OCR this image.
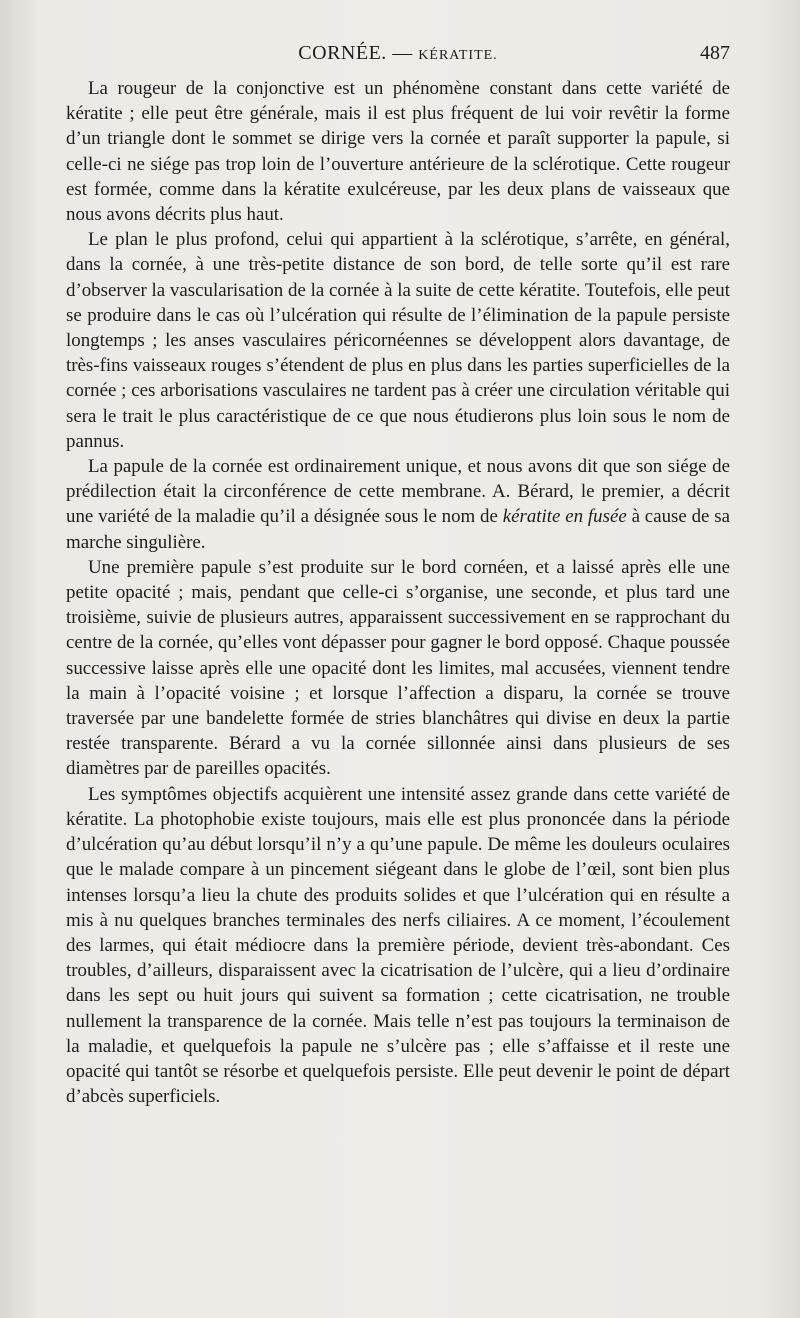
CORNÉE. — KÉRATITE.	487

La rougeur de la conjonctive est un phénomène constant dans cette variété de kératite ; elle peut être générale, mais il est plus fréquent de lui voir revêtir la forme d’un triangle dont le sommet se dirige vers la cornée et paraît supporter la papule, si celle-ci ne siége pas trop loin de l’ouverture antérieure de la sclérotique. Cette rougeur est formée, comme dans la kératite exulcéreuse, par les deux plans de vaisseaux que nous avons décrits plus haut.

Le plan le plus profond, celui qui appartient à la sclérotique, s’arrête, en général, dans la cornée, à une très-petite distance de son bord, de telle sorte qu’il est rare d’observer la vascularisation de la cornée à la suite de cette kératite. Toutefois, elle peut se produire dans le cas où l’ulcération qui résulte de l’élimination de la papule persiste longtemps ; les anses vasculaires péricornéennes se développent alors davantage, de très-fins vaisseaux rouges s’étendent de plus en plus dans les parties superficielles de la cornée ; ces arborisations vasculaires ne tardent pas à créer une circulation véritable qui sera le trait le plus caractéristique de ce que nous étudierons plus loin sous le nom de pannus.

La papule de la cornée est ordinairement unique, et nous avons dit que son siége de prédilection était la circonférence de cette membrane. A. Bérard, le premier, a décrit une variété de la maladie qu’il a désignée sous le nom de kératite en fusée à cause de sa marche singulière.

Une première papule s’est produite sur le bord cornéen, et a laissé après elle une petite opacité ; mais, pendant que celle-ci s’organise, une seconde, et plus tard une troisième, suivie de plusieurs autres, apparaissent successivement en se rapprochant du centre de la cornée, qu’elles vont dépasser pour gagner le bord opposé. Chaque poussée successive laisse après elle une opacité dont les limites, mal accusées, viennent tendre la main à l’opacité voisine ; et lorsque l’affection a disparu, la cornée se trouve traversée par une bandelette formée de stries blanchâtres qui divise en deux la partie restée transparente. Bérard a vu la cornée sillonnée ainsi dans plusieurs de ses diamètres par de pareilles opacités.

Les symptômes objectifs acquièrent une intensité assez grande dans cette variété de kératite. La photophobie existe toujours, mais elle est plus prononcée dans la période d’ulcération qu’au début lorsqu’il n’y a qu’une papule. De même les douleurs oculaires que le malade compare à un pincement siégeant dans le globe de l’œil, sont bien plus intenses lorsqu’a lieu la chute des produits solides et que l’ulcération qui en résulte a mis à nu quelques branches terminales des nerfs ciliaires. A ce moment, l’écoulement des larmes, qui était médiocre dans la première période, devient très-abondant. Ces troubles, d’ailleurs, disparaissent avec la cicatrisation de l’ulcère, qui a lieu d’ordinaire dans les sept ou huit jours qui suivent sa formation ; cette cicatrisation, ne trouble nullement la transparence de la cornée. Mais telle n’est pas toujours la terminaison de la maladie, et quelquefois la papule ne s’ulcère pas ; elle s’affaisse et il reste une opacité qui tantôt se résorbe et quelquefois persiste. Elle peut devenir le point de départ d’abcès superficiels.
